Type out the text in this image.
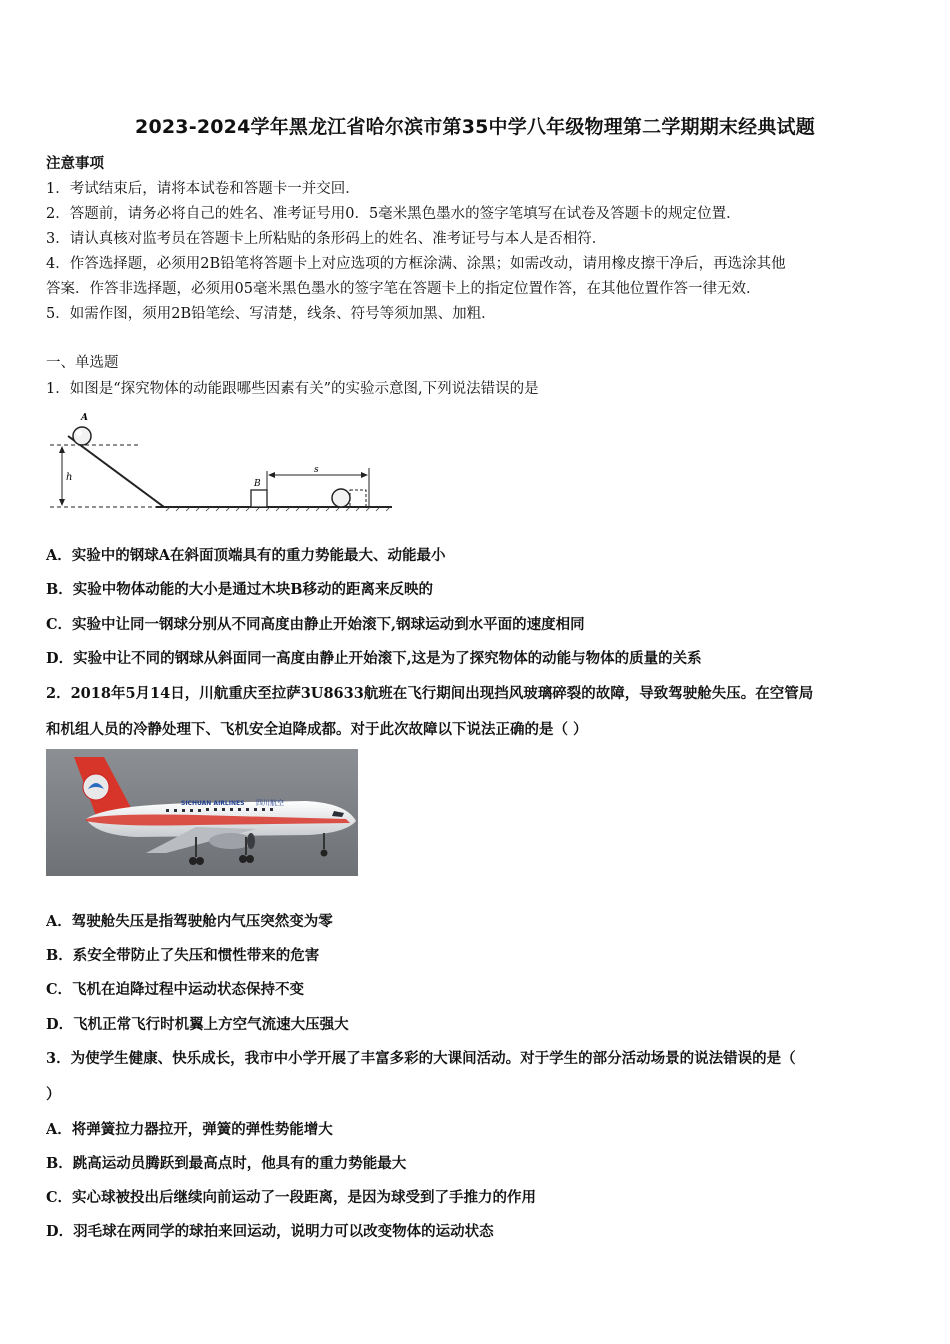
2023-2024学年黑龙江省哈尔滨市第35中学八年级物理第二学期期末经典试题
注意事项
1．考试结束后，请将本试卷和答题卡一并交回．
2．答题前，请务必将自己的姓名、准考证号用0．5毫米黑色墨水的签字笔填写在试卷及答题卡的规定位置．
3．请认真核对监考员在答题卡上所粘贴的条形码上的姓名、准考证号与本人是否相符．
4．作答选择题，必须用2B铅笔将答题卡上对应选项的方框涂满、涂黑；如需改动，请用橡皮擦干净后，再选涂其他
答案．作答非选择题，必须用05毫米黑色墨水的签字笔在答题卡上的指定位置作答，在其他位置作答一律无效．
5．如需作图，须用2B铅笔绘、写清楚，线条、符号等须加黑、加粗．
一、单选题
1．如图是“探究物体的动能跟哪些因素有关”的实验示意图,下列说法错误的是
h
A
B
s
A．实验中的钢球A在斜面顶端具有的重力势能最大、动能最小
B．实验中物体动能的大小是通过木块B移动的距离来反映的
C．实验中让同一钢球分别从不同高度由静止开始滚下,钢球运动到水平面的速度相同
D．实验中让不同的钢球从斜面同一高度由静止开始滚下,这是为了探究物体的动能与物体的质量的关系
2．2018年5月14日，川航重庆至拉萨3U8633航班在飞行期间出现挡风玻璃碎裂的故障，导致驾驶舱失压。在空管局
和机组人员的冷静处理下、飞机安全迫降成都。对于此次故障以下说法正确的是（ ）
SICHUAN AIRLINES 四川航空
A．驾驶舱失压是指驾驶舱内气压突然变为零
B．系安全带防止了失压和惯性带来的危害
C．飞机在迫降过程中运动状态保持不变
D．飞机正常飞行时机翼上方空气流速大压强大
3．为使学生健康、快乐成长，我市中小学开展了丰富多彩的大课间活动。对于学生的部分活动场景的说法错误的是（
）
A．将弹簧拉力器拉开，弹簧的弹性势能增大
B．跳高运动员腾跃到最高点时，他具有的重力势能最大
C．实心球被投出后继续向前运动了一段距离，是因为球受到了手推力的作用
D．羽毛球在两同学的球拍来回运动，说明力可以改变物体的运动状态
